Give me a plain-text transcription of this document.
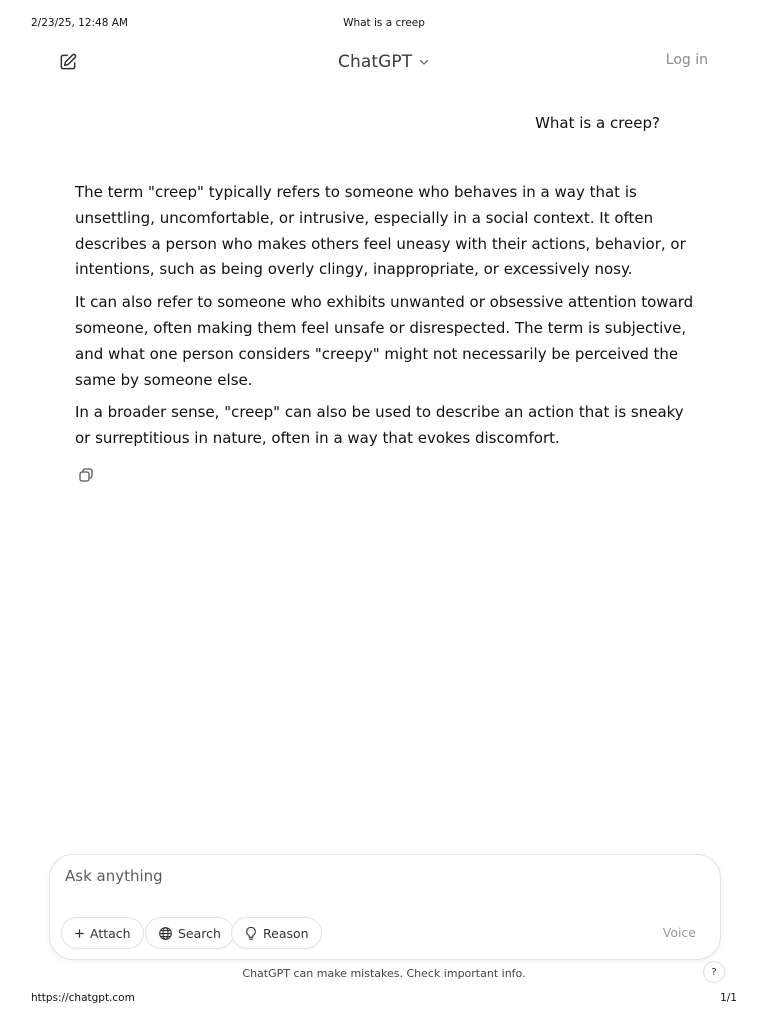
2/23/25, 12:48 AM	What is a creep
ChatGPT	Log in
What is a creep?

The term "creep" typically refers to someone who behaves in a way that is unsettling, uncomfortable, or intrusive, especially in a social context. It often describes a person who makes others feel uneasy with their actions, behavior, or intentions, such as being overly clingy, inappropriate, or excessively nosy.

It can also refer to someone who exhibits unwanted or obsessive attention toward someone, often making them feel unsafe or disrespected. The term is subjective, and what one person considers "creepy" might not necessarily be perceived the same by someone else.

In a broader sense, "creep" can also be used to describe an action that is sneaky or surreptitious in nature, often in a way that evokes discomfort.

Ask anything
Attach	Search	Reason	Voice
ChatGPT can make mistakes. Check important info.	?
https://chatgpt.com	1/1
